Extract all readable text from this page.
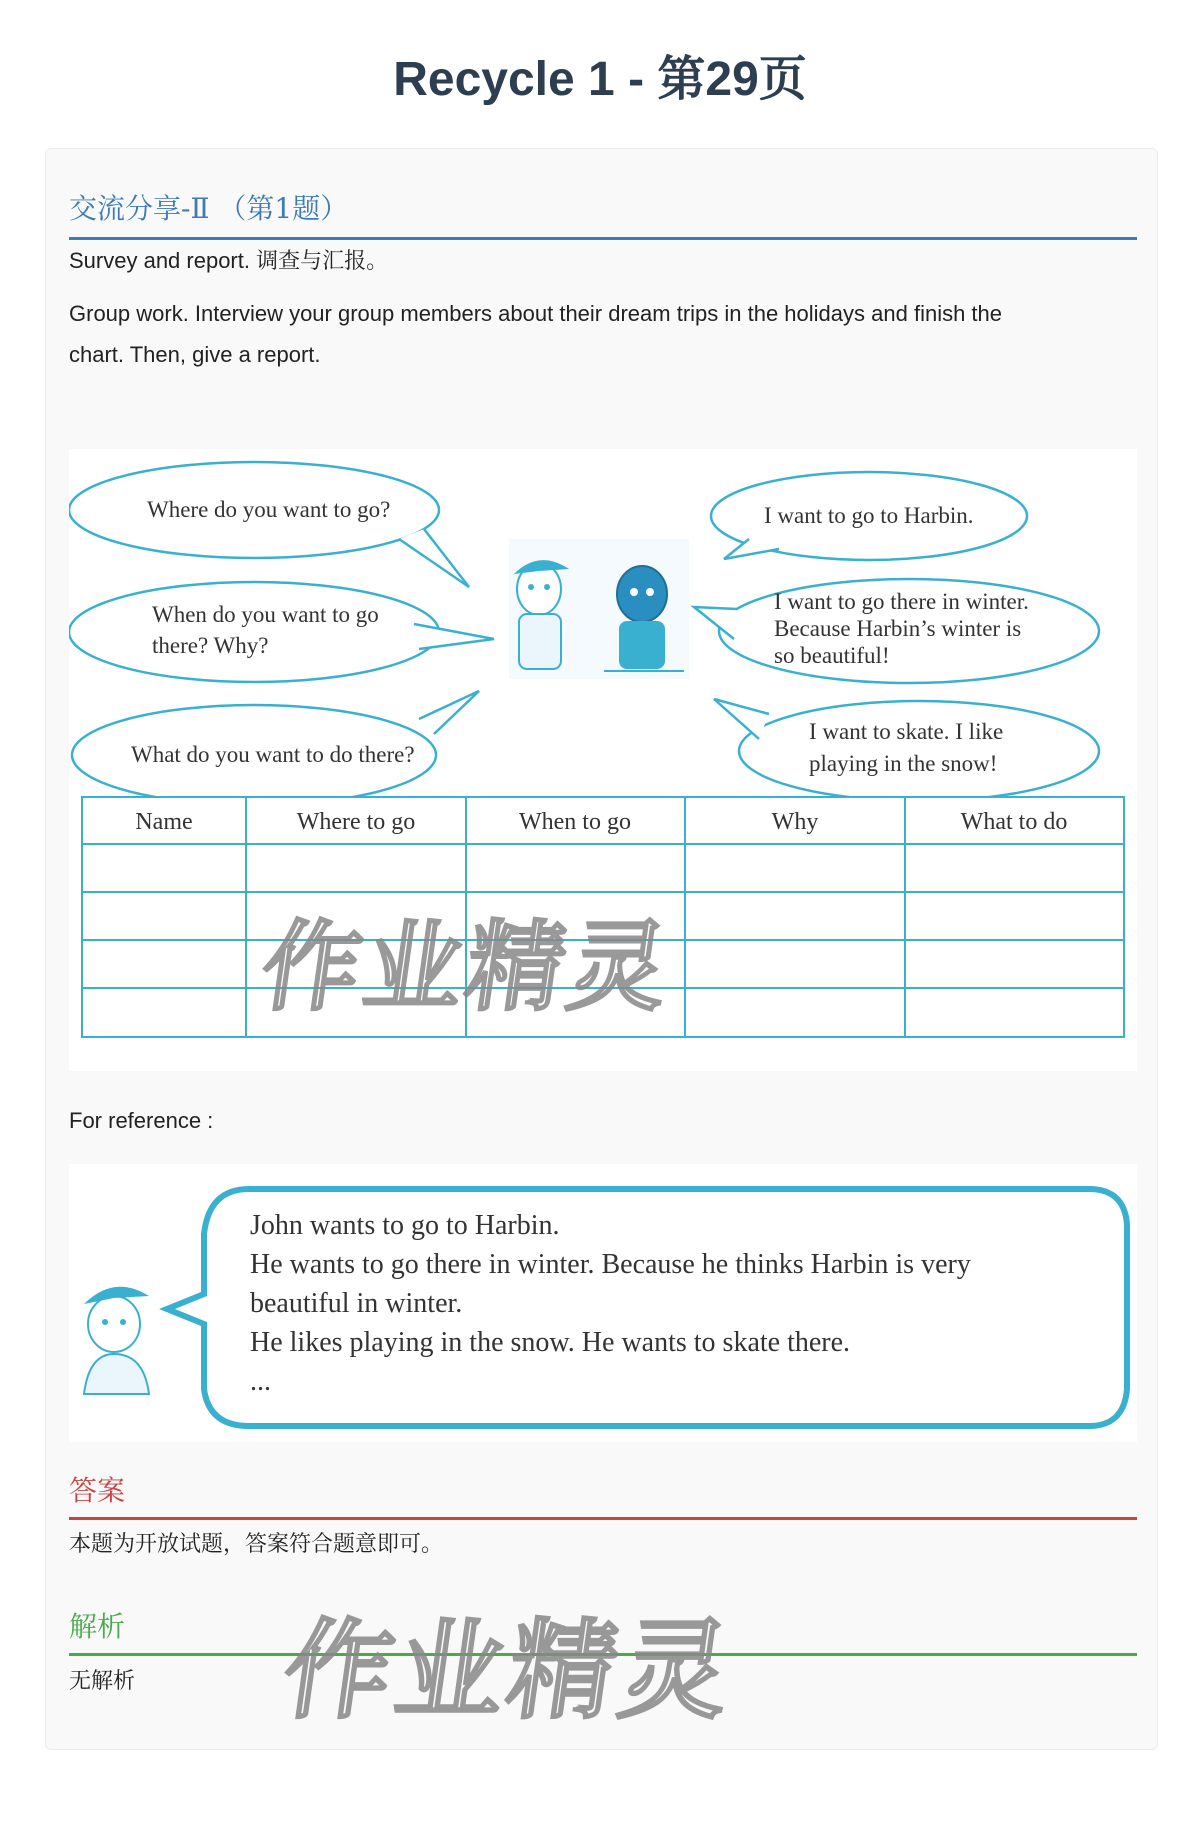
Recycle 1 - 第29页
交流分享-Ⅱ （第1题）
Survey and report. 调查与汇报。
Group work. Interview your group members about their dream trips in the holidays and finish the
chart. Then, give a report.
Where do you want to go?
When do you want to go
there? Why?
What do you want to do there?
I want to go to Harbin.
I want to go there in winter.
Because Harbin’s winter is
so beautiful!
I want to skate. I like
playing in the snow!
Name	Where to go	When to go	Why	What to do
For reference :
John wants to go to Harbin.
He wants to go there in winter. Because he thinks Harbin is very
beautiful in winter.
He likes playing in the snow. He wants to skate there.
...
答案
本题为开放试题，答案符合题意即可。
解析
无解析	作业精灵
